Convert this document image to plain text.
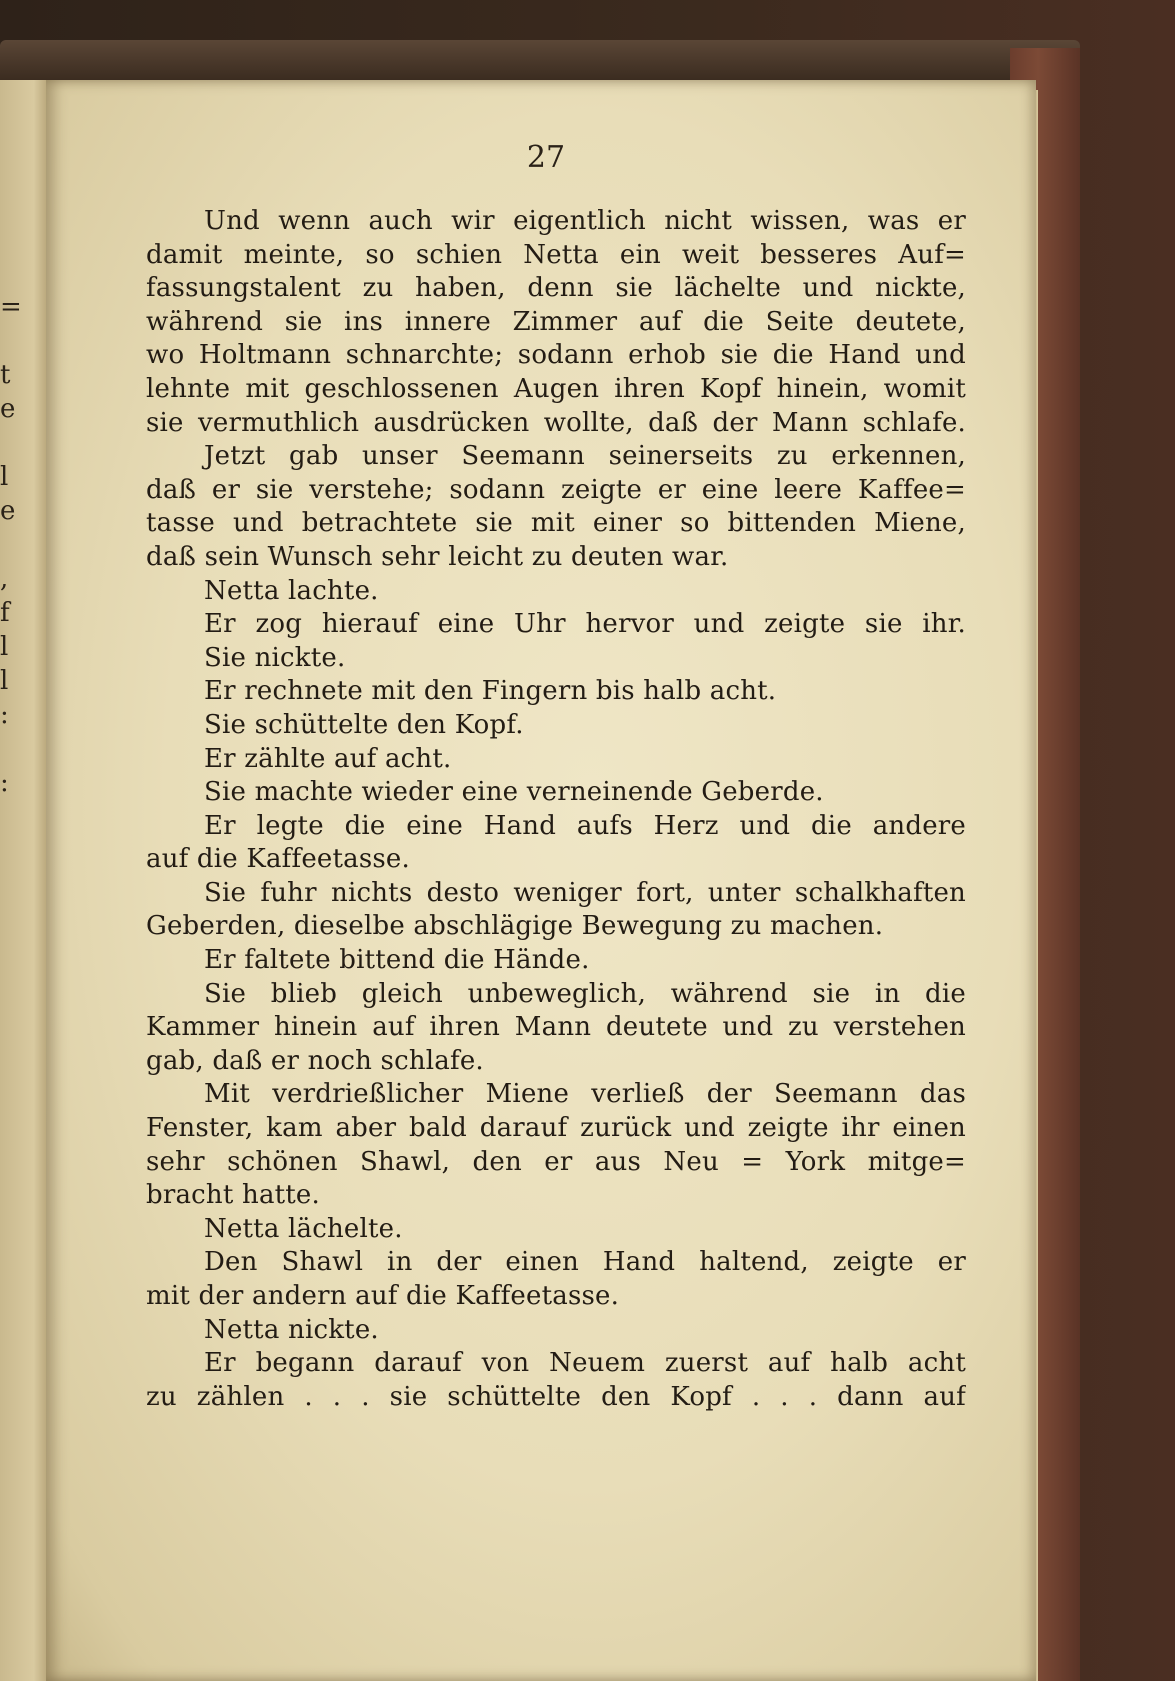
=
t
e
l
e
,
f
l
l
:
:
27
Und wenn auch wir eigentlich nicht wissen, was er
damit meinte, so schien Netta ein weit besseres Auf=
fassungstalent zu haben, denn sie lächelte und nickte,
während sie ins innere Zimmer auf die Seite deutete,
wo Holtmann schnarchte; sodann erhob sie die Hand und
lehnte mit geschlossenen Augen ihren Kopf hinein, womit
sie vermuthlich ausdrücken wollte, daß der Mann schlafe.
Jetzt gab unser Seemann seinerseits zu erkennen,
daß er sie verstehe; sodann zeigte er eine leere Kaffee=
tasse und betrachtete sie mit einer so bittenden Miene,
daß sein Wunsch sehr leicht zu deuten war.
Netta lachte.
Er zog hierauf eine Uhr hervor und zeigte sie ihr.
Sie nickte.
Er rechnete mit den Fingern bis halb acht.
Sie schüttelte den Kopf.
Er zählte auf acht.
Sie machte wieder eine verneinende Geberde.
Er legte die eine Hand aufs Herz und die andere
auf die Kaffeetasse.
Sie fuhr nichts desto weniger fort, unter schalkhaften
Geberden, dieselbe abschlägige Bewegung zu machen.
Er faltete bittend die Hände.
Sie blieb gleich unbeweglich, während sie in die
Kammer hinein auf ihren Mann deutete und zu verstehen
gab, daß er noch schlafe.
Mit verdrießlicher Miene verließ der Seemann das
Fenster, kam aber bald darauf zurück und zeigte ihr einen
sehr schönen Shawl, den er aus Neu = York mitge=
bracht hatte.
Netta lächelte.
Den Shawl in der einen Hand haltend, zeigte er
mit der andern auf die Kaffeetasse.
Netta nickte.
Er begann darauf von Neuem zuerst auf halb acht
zu zählen . . . sie schüttelte den Kopf . . . dann auf
